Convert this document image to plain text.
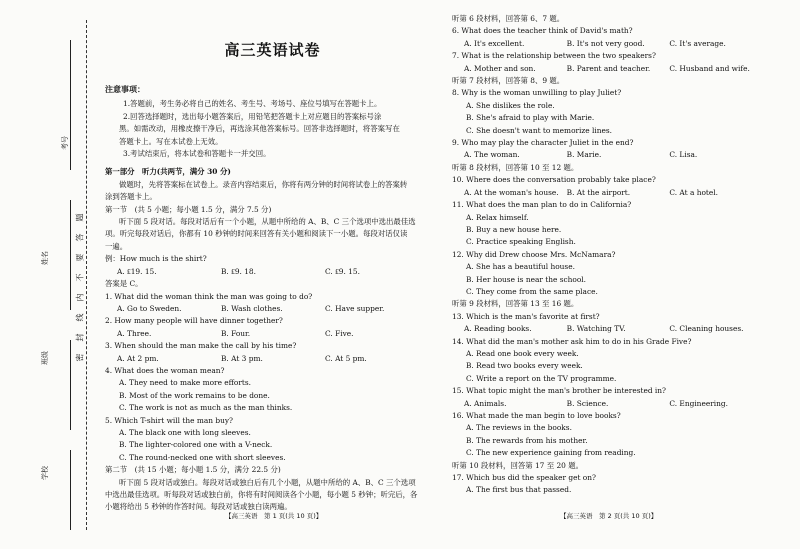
考号
姓名
班级
学校
题
答
要
不
内
线
封
密
高三英语试卷
注意事项：
1.答题前，考生务必将自己的姓名、考生号、考场号、座位号填写在答题卡上。
2.回答选择题时，选出每小题答案后，用铅笔把答题卡上对应题目的答案标号涂
黑。如需改动，用橡皮擦干净后，再选涂其他答案标号。回答非选择题时，将答案写在
答题卡上。写在本试卷上无效。
3.考试结束后，将本试卷和答题卡一并交回。
第一部分　听力(共两节，满分 30 分)
做题时，先将答案标在试卷上。录音内容结束后，你将有两分钟的时间将试卷上的答案转
涂到答题卡上。
第一节　(共 5 小题；每小题 1.5 分，满分 7.5 分)
听下面 5 段对话。每段对话后有一个小题，从题中所给的 A、B、C 三个选项中选出最佳选
项。听完每段对话后，你都有 10 秒钟的时间来回答有关小题和阅读下一小题。每段对话仅读
一遍。
例：How much is the shirt?
A. ₤19. 15.	B. ₤9. 18.	C. ₤9. 15.
答案是 C。
1. What did the woman think the man was going to do?
A. Go to Sweden.	B. Wash clothes.	C. Have supper.
2. How many people will have dinner together?
A. Three.	B. Four.	C. Five.
3. When should the man make the call by his time?
A. At 2 pm.	B. At 3 pm.	C. At 5 pm.
4. What does the woman mean?
A. They need to make more efforts.
B. Most of the work remains to be done.
C. The work is not as much as the man thinks.
5. Which T-shirt will the man buy?
A. The black one with long sleeves.
B. The lighter-colored one with a V-neck.
C. The round-necked one with short sleeves.
第二节　(共 15 小题；每小题 1.5 分，满分 22.5 分)
听下面 5 段对话或独白。每段对话或独白后有几个小题，从题中所给的 A、B、C 三个选项
中选出最佳选项。听每段对话或独白前，你将有时间阅读各个小题，每小题 5 秒钟；听完后，各
小题将给出 5 秒钟的作答时间。每段对话或独白读两遍。
【高三英语　第 1 页(共 10 页)】
听第 6 段材料，回答第 6、7 题。
6. What does the teacher think of David's math?
A. It's excellent.	B. It's not very good.	C. It's average.
7. What is the relationship between the two speakers?
A. Mother and son.	B. Parent and teacher.	C. Husband and wife.
听第 7 段材料，回答第 8、9 题。
8. Why is the woman unwilling to play Juliet?
A. She dislikes the role.
B. She's afraid to play with Marie.
C. She doesn't want to memorize lines.
9. Who may play the character Juliet in the end?
A. The woman.	B. Marie.	C. Lisa.
听第 8 段材料，回答第 10 至 12 题。
10. Where does the conversation probably take place?
A. At the woman's house.	B. At the airport.	C. At a hotel.
11. What does the man plan to do in California?
A. Relax himself.
B. Buy a new house here.
C. Practice speaking English.
12. Why did Drew choose Mrs. McNamara?
A. She has a beautiful house.
B. Her house is near the school.
C. They come from the same place.
听第 9 段材料，回答第 13 至 16 题。
13. Which is the man's favorite at first?
A. Reading books.	B. Watching TV.	C. Cleaning houses.
14. What did the man's mother ask him to do in his Grade Five?
A. Read one book every week.
B. Read two books every week.
C. Write a report on the TV programme.
15. What topic might the man's brother be interested in?
A. Animals.	B. Science.	C. Engineering.
16. What made the man begin to love books?
A. The reviews in the books.
B. The rewards from his mother.
C. The new experience gaining from reading.
听第 10 段材料，回答第 17 至 20 题。
17. Which bus did the speaker get on?
A. The first bus that passed.
【高三英语　第 2 页(共 10 页)】
